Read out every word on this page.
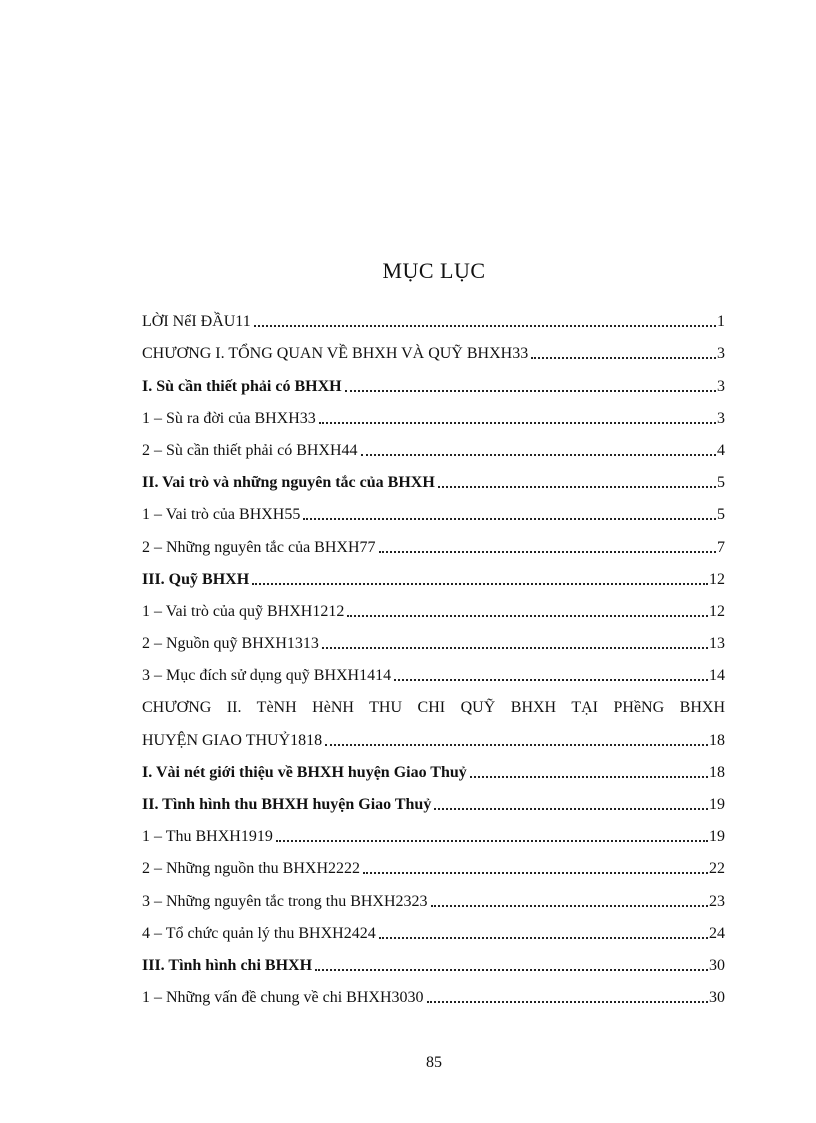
MỤC LỤC
LỜI NểI ĐẦU11	1
CHƯƠNG I. TỔNG QUAN VỀ BHXH VÀ QUỸ BHXH33	3
I. Sù cần thiết phải có BHXH	3
1 – Sù ra đời của BHXH33	3
2 – Sù cần thiết phải có BHXH44	4
II. Vai trò và những nguyên tắc của BHXH	5
1 – Vai trò của BHXH55	5
2 – Những nguyên tắc của BHXH77	7
III. Quỹ BHXH	12
1 – Vai trò của quỹ BHXH1212	12
2 – Nguồn quỹ BHXH1313	13
3 – Mục đích sử dụng quỹ BHXH1414	14
CHƯƠNG II. TèNH HèNH THU CHI QUỸ BHXH TẠI PHềNG BHXH
HUYỆN GIAO THUỶ1818	18
I. Vài nét giới thiệu về BHXH huyện Giao Thuỷ	18
II. Tình hình thu BHXH huyện Giao Thuỷ	19
1 – Thu BHXH1919	19
2 – Những nguồn thu BHXH2222	22
3 – Những nguyên tắc trong thu BHXH2323	23
4 – Tổ chức quản lý thu BHXH2424	24
III. Tình hình chi BHXH	30
1 – Những vấn đề chung về chi BHXH3030	30
85
